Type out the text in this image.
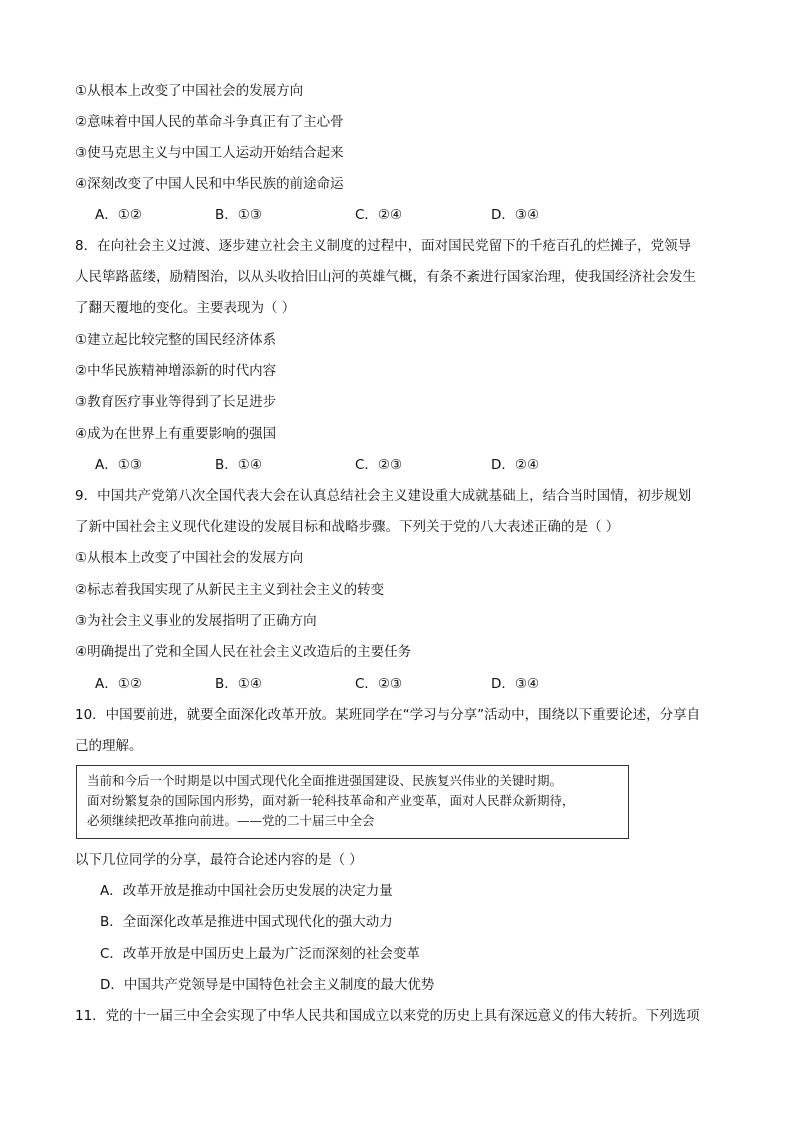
①从根本上改变了中国社会的发展方向
②意味着中国人民的革命斗争真正有了主心骨
③使马克思主义与中国工人运动开始结合起来
④深刻改变了中国人民和中华民族的前途命运
A．①②	B．①③	C．②④	D．③④
8．在向社会主义过渡、逐步建立社会主义制度的过程中，面对国民党留下的千疮百孔的烂摊子，党领导
人民筚路蓝缕，励精图治，以从头收拾旧山河的英雄气概，有条不紊进行国家治理，使我国经济社会发生
了翻天覆地的变化。主要表现为（ ）
①建立起比较完整的国民经济体系
②中华民族精神增添新的时代内容
③教育医疗事业等得到了长足进步
④成为在世界上有重要影响的强国
A．①③	B．①④	C．②③	D．②④
9．中国共产党第八次全国代表大会在认真总结社会主义建设重大成就基础上，结合当时国情，初步规划
了新中国社会主义现代化建设的发展目标和战略步骤。下列关于党的八大表述正确的是（ ）
①从根本上改变了中国社会的发展方向
②标志着我国实现了从新民主主义到社会主义的转变
③为社会主义事业的发展指明了正确方向
④明确提出了党和全国人民在社会主义改造后的主要任务
A．①②	B．①④	C．②③	D．③④
10．中国要前进，就要全面深化改革开放。某班同学在“学习与分享”活动中，围绕以下重要论述，分享自
己的理解。
当前和今后一个时期是以中国式现代化全面推进强国建设、民族复兴伟业的关键时期。
面对纷繁复杂的国际国内形势，面对新一轮科技革命和产业变革，面对人民群众新期待，
必须继续把改革推向前进。——党的二十届三中全会
以下几位同学的分享，最符合论述内容的是（ ）
A．改革开放是推动中国社会历史发展的决定力量
B．全面深化改革是推进中国式现代化的强大动力
C．改革开放是中国历史上最为广泛而深刻的社会变革
D．中国共产党领导是中国特色社会主义制度的最大优势
11．党的十一届三中全会实现了中华人民共和国成立以来党的历史上具有深远意义的伟大转折。下列选项
